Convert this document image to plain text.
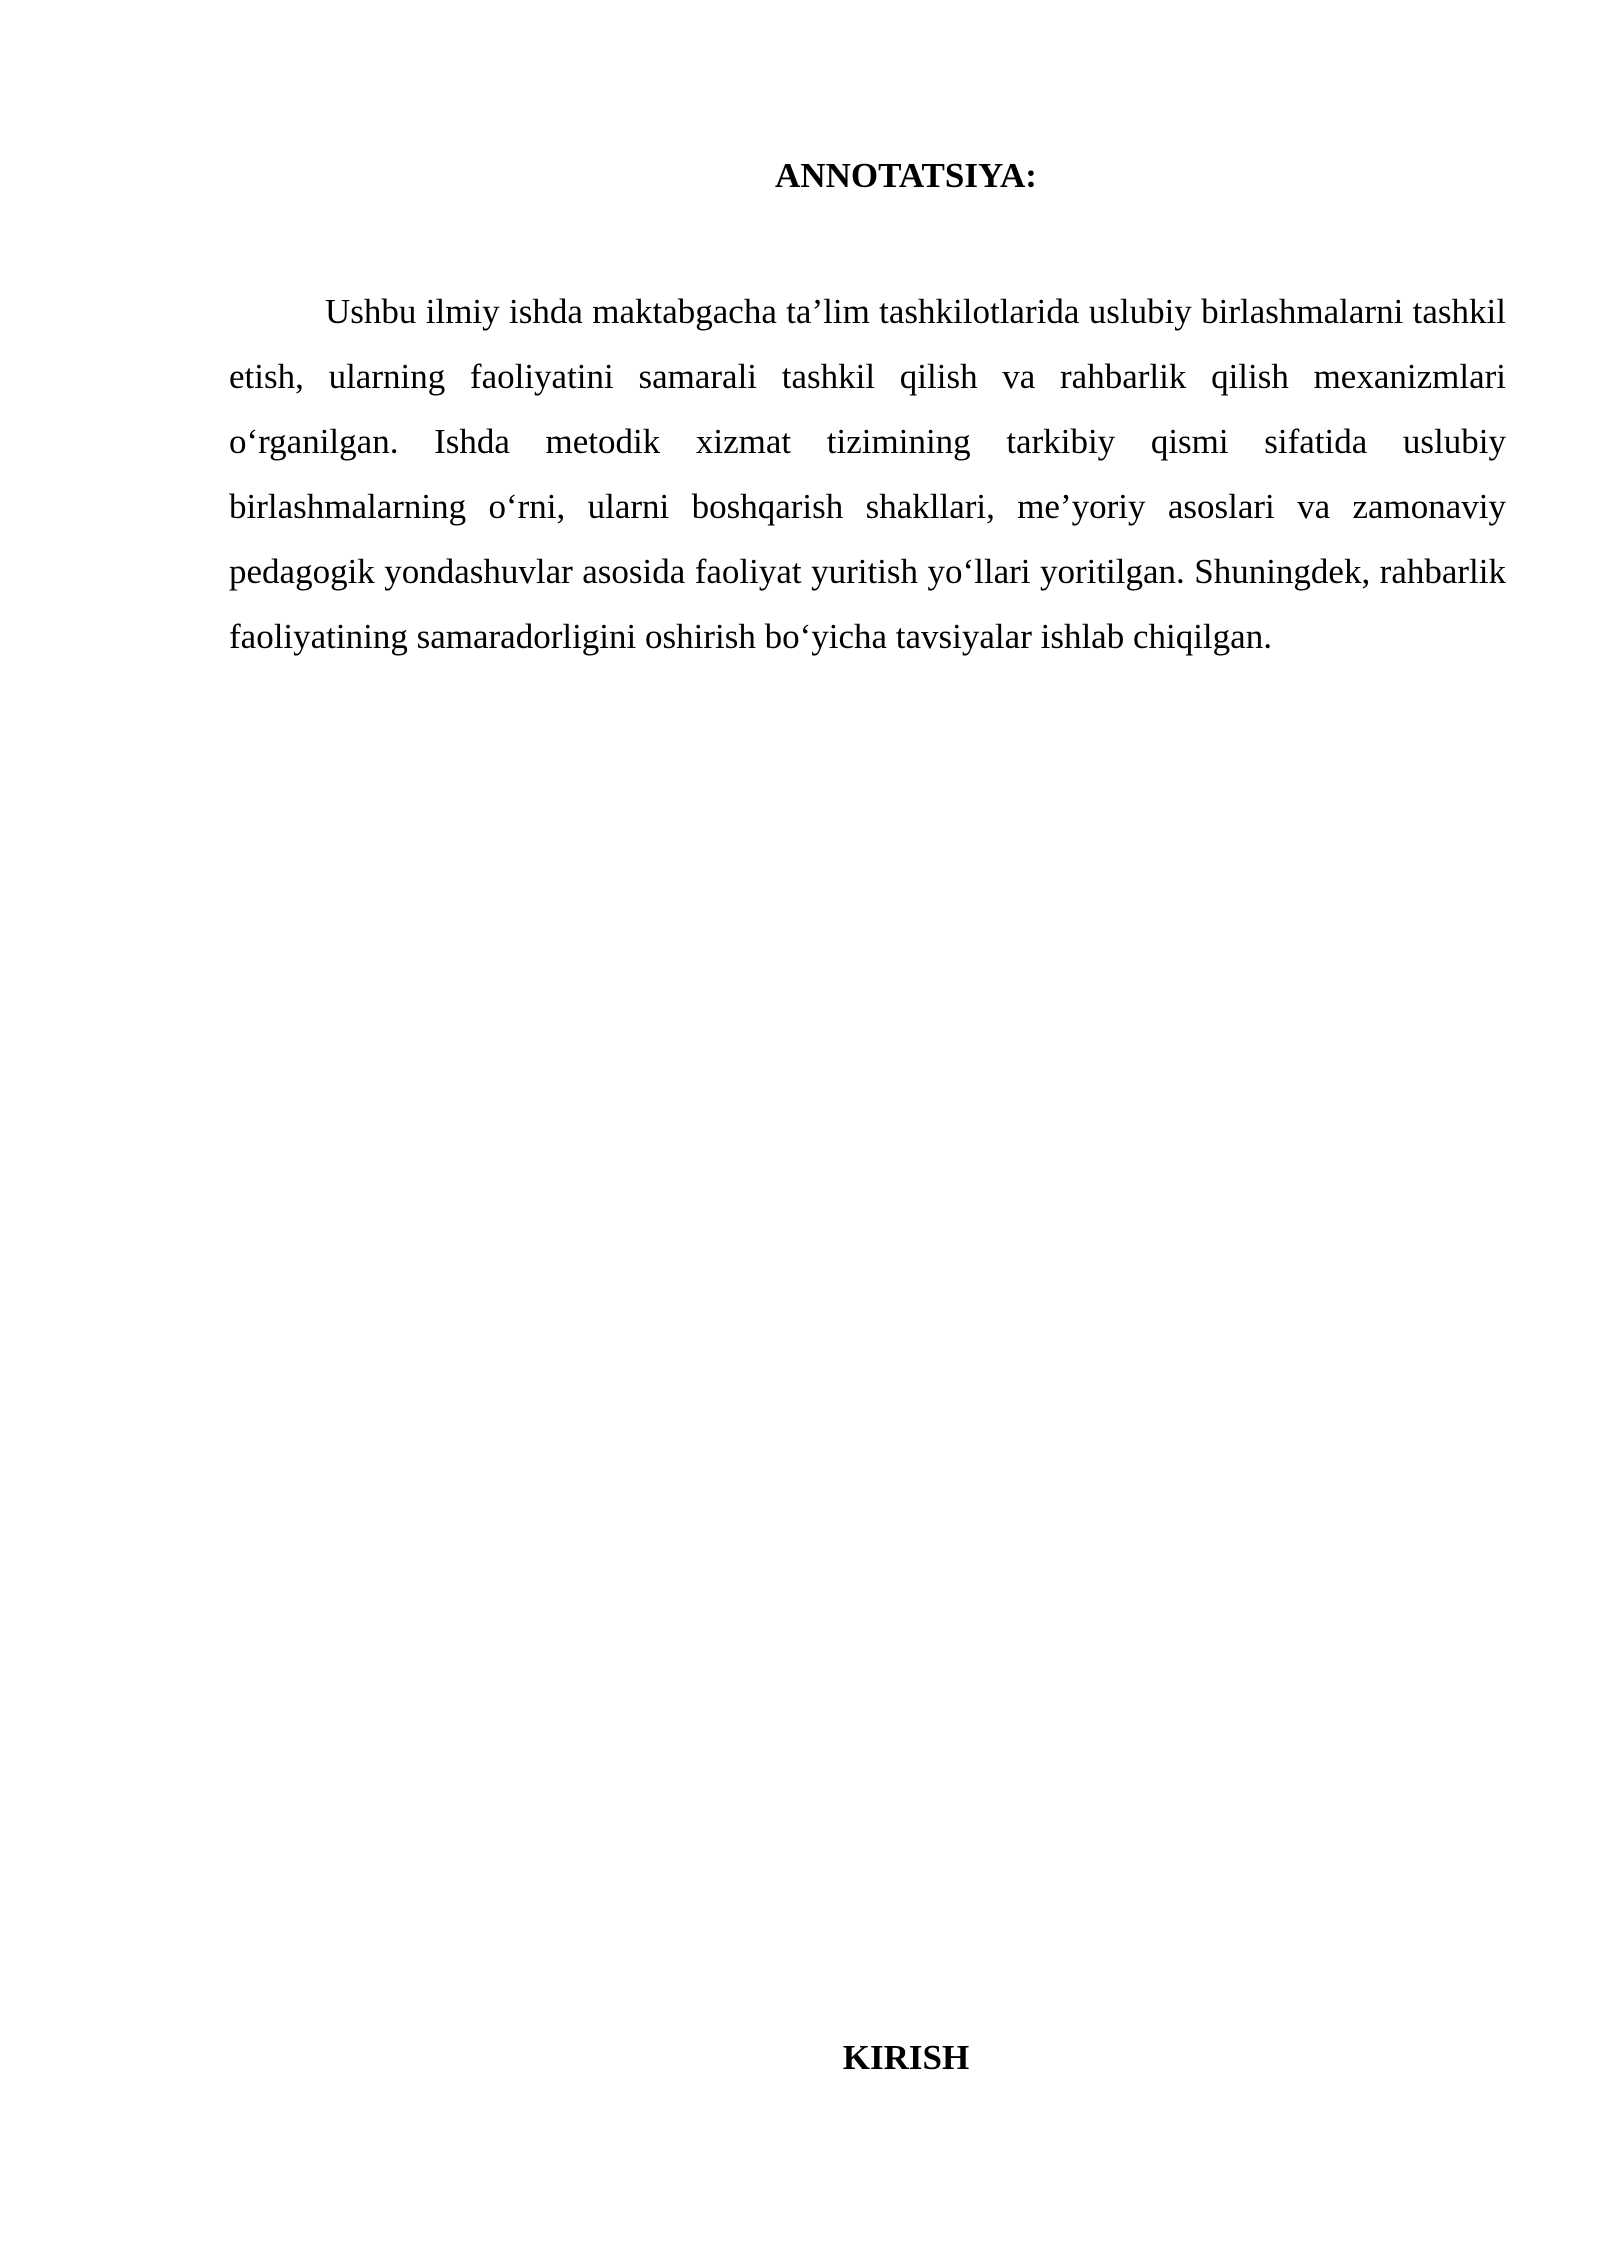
ANNOTATSIYA:

Ushbu ilmiy ishda maktabgacha ta’lim tashkilotlarida uslubiy birlashmalarni tashkil etish, ularning faoliyatini samarali tashkil qilish va rahbarlik qilish mexanizmlari o‘rganilgan. Ishda metodik xizmat tizimining tarkibiy qismi sifatida uslubiy birlashmalarning o‘rni, ularni boshqarish shakllari, me’yoriy asoslari va zamonaviy pedagogik yondashuvlar asosida faoliyat yuritish yo‘llari yoritilgan. Shuningdek, rahbarlik faoliyatining samaradorligini oshirish bo‘yicha tavsiyalar ishlab chiqilgan.

KIRISH
